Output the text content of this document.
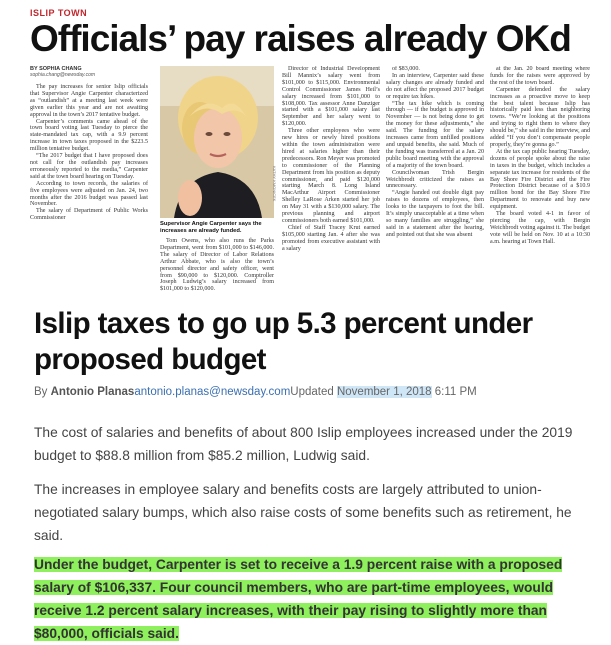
ISLIP TOWN
Officials’ pay raises already OKd

BY SOPHIA CHANG

sophia.chang@newsday.com

The pay increases for senior Islip officials that Supervisor Angie Carpenter characterized as “outlandish” at a meeting last week were given earlier this year and are not awaiting approval in the town’s 2017 tentative budget.

Carpenter’s comments came ahead of the town board voting last Tuesday to pierce the state-mandated tax cap, with a 9.9 percent increase in town taxes proposed in the $223.5 million tentative budget.

“The 2017 budget that I have proposed does not call for the outlandish pay increases erroneously reported to the media,” Carpenter said at the town board hearing on Tuesday.

According to town records, the salaries of five employees were adjusted on Jan. 24, two months after the 2016 budget was passed last November.

The salary of Department of Public Works Commissioner

KATHY KMONICEK
Supervisor Angie Carpenter says the increases are already funded.

Tom Owens, who also runs the Parks Department, went from $101,000 to $146,000. The salary of Director of Labor Relations Arthur Abbate, who is also the town’s personnel director and safety officer, went from $90,000 to $120,000. Comptroller Joseph Ludwig’s salary increased from $101,000 to $120,000.

Director of Industrial Development Bill Mannix’s salary went from $101,000 to $115,000. Environmental Control Commissioner James Heil’s salary increased from $101,000 to $108,000. Tax assessor Anne Danziger started with a $101,000 salary last September and her salary went to $120,000.

Three other employees who were new hires or newly hired positions within the town administration were hired at salaries higher than their predecessors. Ron Meyer was promoted to commissioner of the Planning Department from his position as deputy commissioner, and paid $120,000 starting March 8. Long Island MacArthur Airport Commissioner Shelley LaRose Arken started her job on May 31 with a $130,000 salary. The previous planning and airport commissioners both earned $101,000.

Chief of Staff Tracey Krut earned $105,000 starting Jan. 4 after she was promoted from executive assistant with a salary

of $83,000.

In an interview, Carpenter said these salary changes are already funded and do not affect the proposed 2017 budget or require tax hikes.

“The tax hike which is coming through — if the budget is approved in November — is not being done to get the money for these adjustments,” she said. The funding for the salary increases came from unfilled positions and unpaid benefits, she said. Much of the funding was transferred at a Jan. 20 public board meeting with the approval of a majority of the town board.

Councilwoman Trish Bergin Weichbrodt criticized the raises as unnecessary.

“Angie handed out double digit pay raises to dozens of employees, then looks to the taxpayers to foot the bill. It’s simply unacceptable at a time when so many families are struggling,” she said in a statement after the hearing, and pointed out that she was absent

at the Jan. 20 board meeting where funds for the raises were approved by the rest of the town board.

Carpenter defended the salary increases as a proactive move to keep the best talent because Islip has historically paid less than neighboring towns. “We’re looking at the positions and trying to right them to where they should be,” she said in the interview, and added “If you don’t compensate people properly, they’re gonna go.”

At the tax cap public hearing Tuesday, dozens of people spoke about the raise in taxes in the budget, which includes a separate tax increase for residents of the Bay Shore Fire District and the Fire Protection District because of a $10.9 million bond for the Bay Shore Fire Department to renovate and buy new equipment.

The board voted 4-1 in favor of piercing the cap, with Bergin Weichbrodt voting against it. The budget vote will be held on Nov. 10 at a 10:30 a.m. hearing at Town Hall.

Islip taxes to go up 5.3 percent under proposed budget
By Antonio Planasantonio.planas@newsday.comUpdated November 1, 2018 6:11 PM

The cost of salaries and benefits of about 800 Islip employees increased under the 2019 budget to $88.8 million from $85.2 million, Ludwig said.

The increases in employee salary and benefits costs are largely attributed to union-negotiated salary bumps, which also raise costs of some benefits such as retirement, he said.

Under the budget, Carpenter is set to receive a 1.9 percent raise with a proposed salary of $106,337. Four council members, who are part-time employees, would receive 1.2 percent salary increases, with their pay rising to slightly more than $80,000, officials said.
